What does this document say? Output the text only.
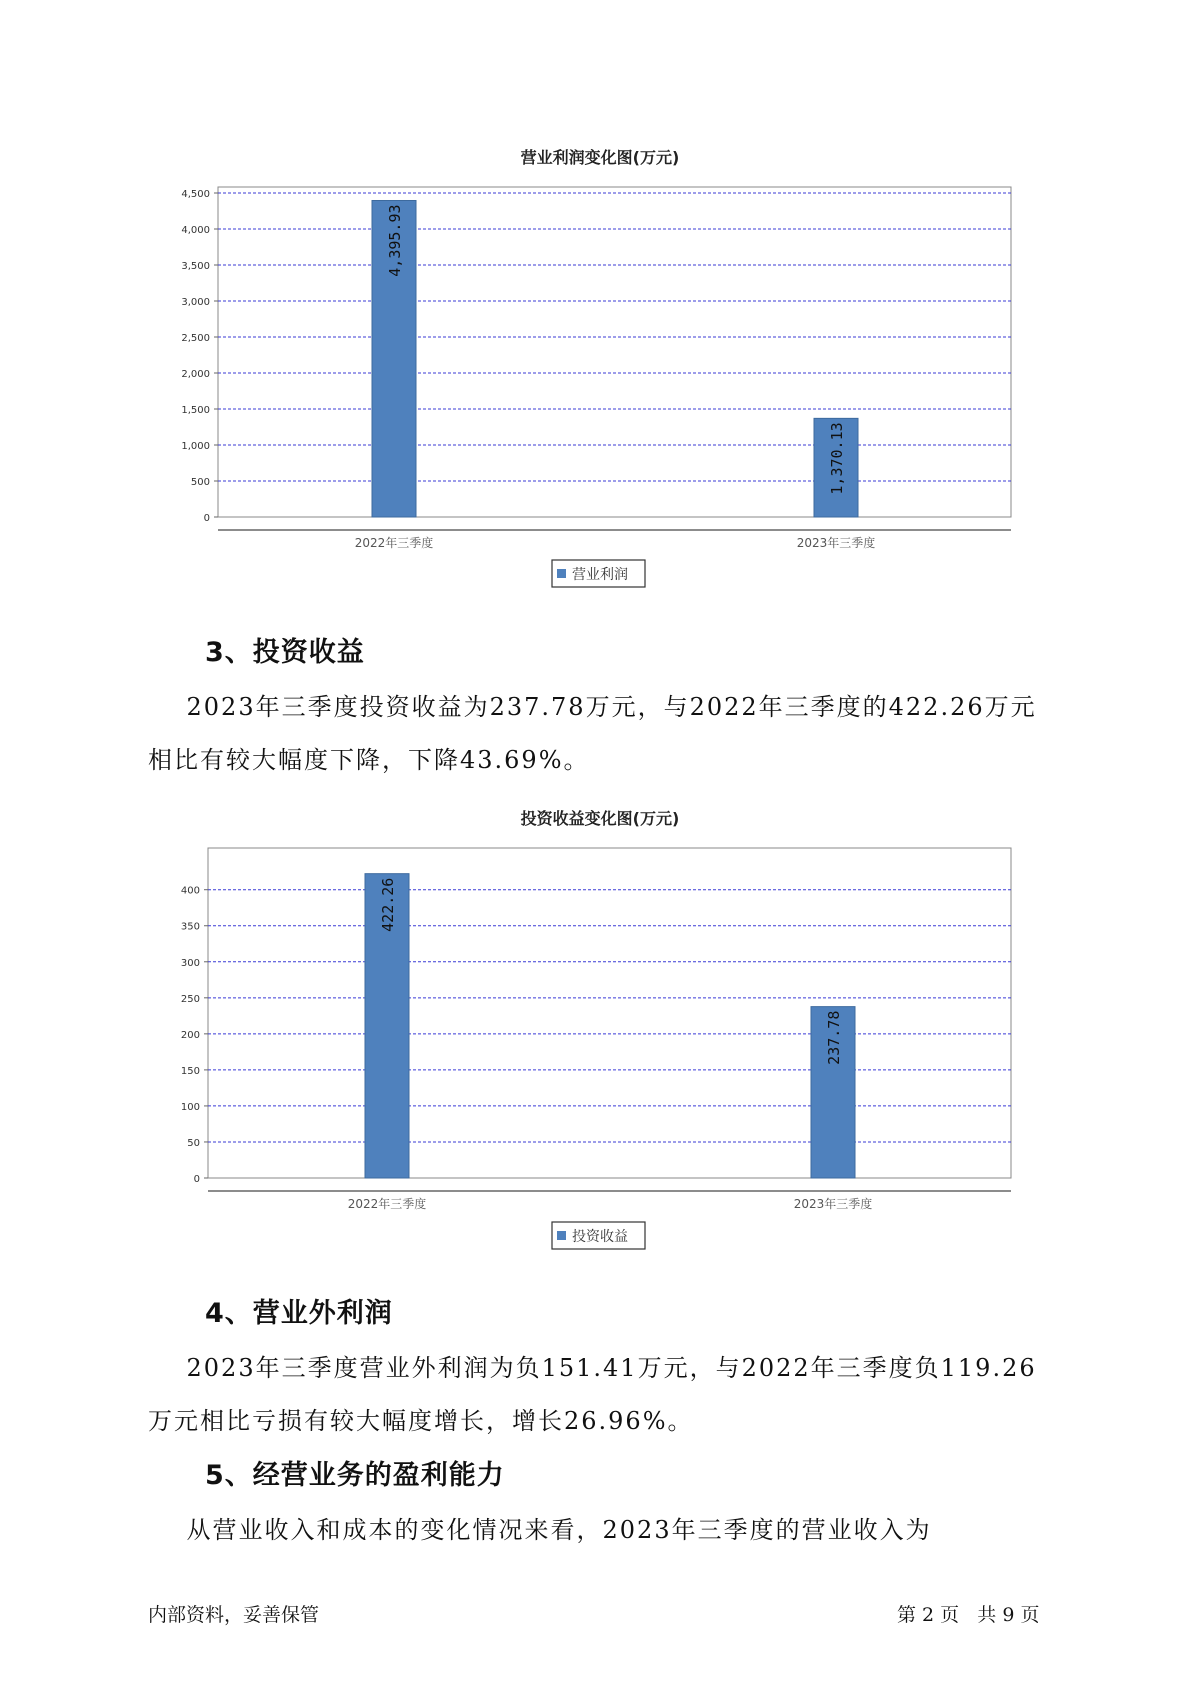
营业利润变化图(万元)
0
500
1,000
1,500
2,000
2,500
3,000
3,500
4,000
4,500
4,395.93
1,370.13
2022年三季度	2023年三季度
营业利润
3、投资收益

2023年三季度投资收益为237.78万元，与2022年三季度的422.26万元

相比有较大幅度下降，下降43.69%。

投资收益变化图(万元)
0
50
100
150
200
250
300
350
400	422.26
237.78
2022年三季度	2023年三季度
投资收益
4、营业外利润

2023年三季度营业外利润为负151.41万元，与2022年三季度负119.26

万元相比亏损有较大幅度增长，增长26.96%。

5、经营业务的盈利能力

从营业收入和成本的变化情况来看，2023年三季度的营业收入为

内部资料，妥善保管	第 2 页   共 9 页
